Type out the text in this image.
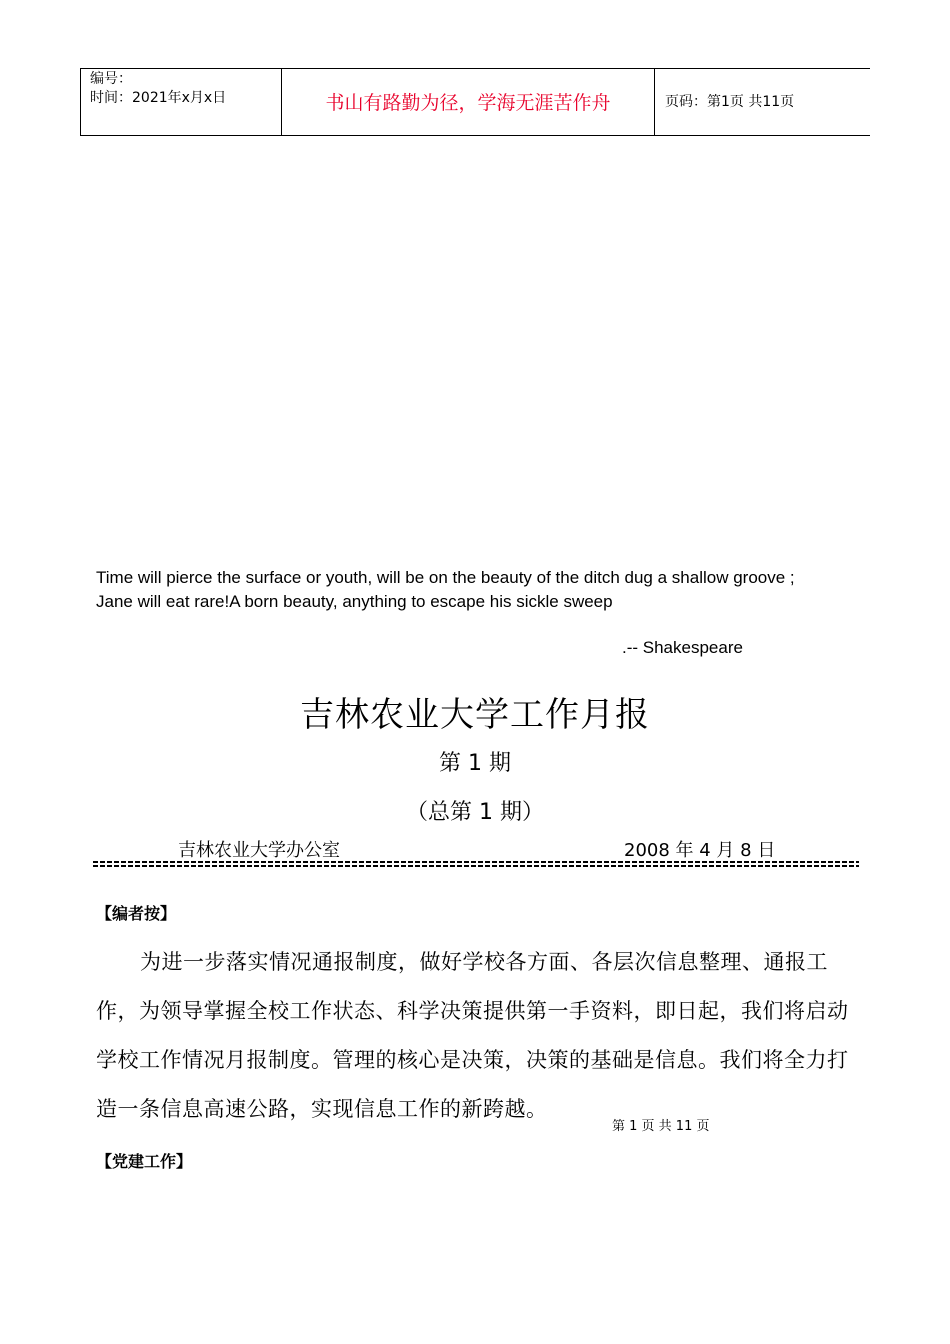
编号：
时间：2021年x月x日	书山有路勤为径，学海无涯苦作舟	页码：第1页 共11页
Time will pierce the surface or youth, will be on the beauty of the ditch dug a shallow groove ; Jane will eat rare!A born beauty, anything to escape his sickle sweep
.-- Shakespeare
吉林农业大学工作月报
第 1 期
（总第 1 期）
吉林农业大学办公室	2008 年 4 月 8 日
【编者按】
为进一步落实情况通报制度，做好学校各方面、各层次信息整理、通报工作，为领导掌握全校工作状态、科学决策提供第一手资料，即日起，我们将启动学校工作情况月报制度。管理的核心是决策，决策的基础是信息。我们将全力打造一条信息高速公路，实现信息工作的新跨越。
第 1 页 共 11 页
【党建工作】
